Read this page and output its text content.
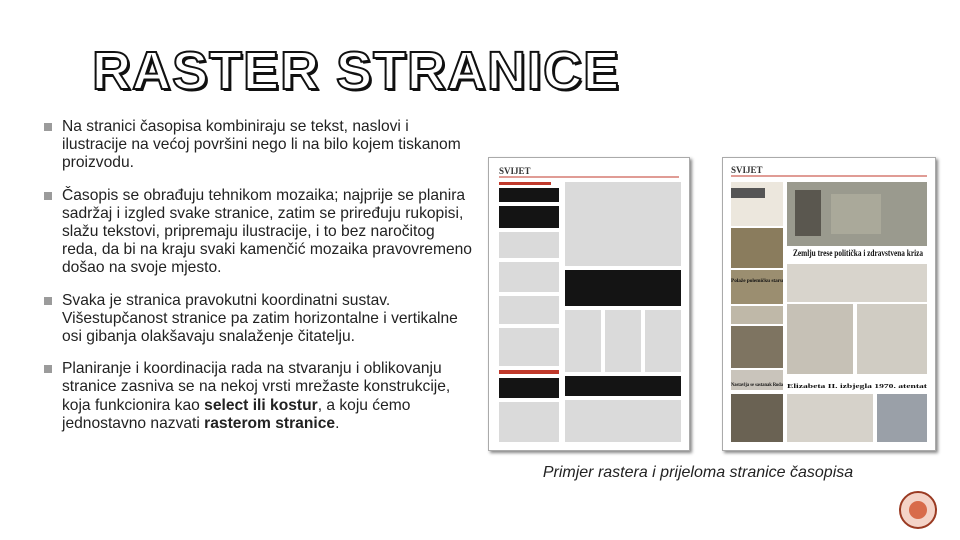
RASTER STRANICE
Na stranici časopisa kombiniraju se tekst, naslovi i ilustracije na većoj površini nego li na bilo kojem tiskanom proizvodu.
Časopis se obrađuju tehnikom mozaika; najprije se planira sadržaj i izgled svake stranice, zatim se priređuju rukopisi, slažu tekstovi, pripremaju ilustracije, i to bez naročitog reda, da bi na kraju svaki kamenčić mozaika pravovremeno došao na svoje mjesto.
Svaka je stranica pravokutni koordinatni sustav. Višestupčanost stranice pa zatim horizontalne i vertikalne osi gibanja olakšavaju snalaženje čitatelju.
Planiranje i koordinacija rada na stvaranju i oblikovanju stranice zasniva se na nekoj vrsti mrežaste konstrukcije, koja funkcionira kao select ili kostur, a koju ćemo jednostavno nazvati rasterom stranice.
SVIJET	SVIJET
Zemlju trese politička i zdravstvena kriza
Nastavlja se sastanak Roda Elizabeta II. izbjegla 1970. atentat
Polaže polemičku staru
Primjer rastera i prijeloma stranice časopisa
